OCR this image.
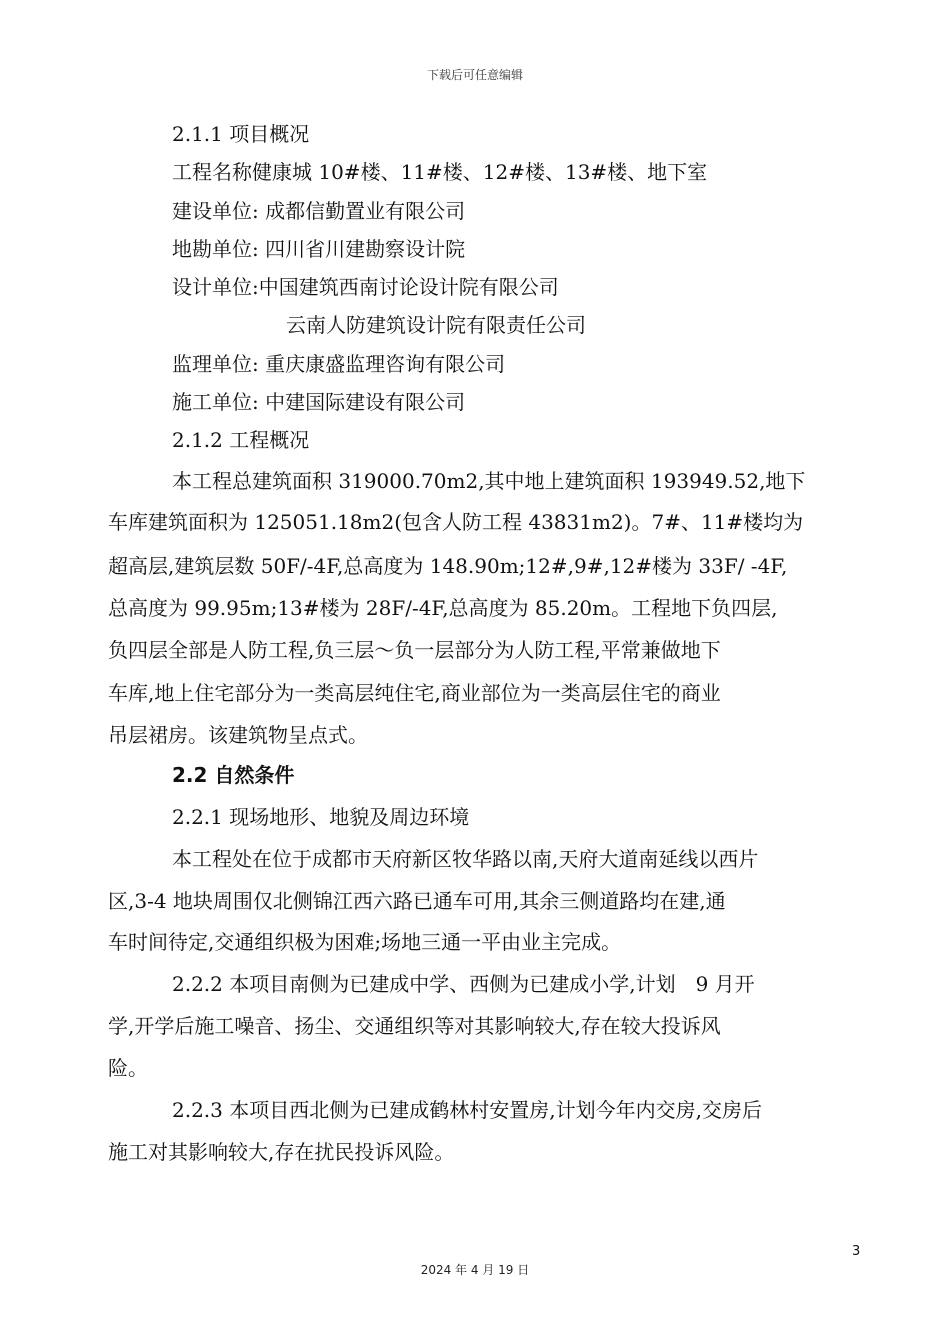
下载后可任意编辑
2.1.1 项目概况
工程名称健康城 10#楼、11#楼、12#楼、13#楼、地下室
建设单位: 成都信勤置业有限公司
地勘单位: 四川省川建勘察设计院
设计单位:中国建筑西南讨论设计院有限公司
云南人防建筑设计院有限责任公司
监理单位: 重庆康盛监理咨询有限公司
施工单位: 中建国际建设有限公司
2.1.2 工程概况
本工程总建筑面积 319000.70m2,其中地上建筑面积 193949.52,地下
车库建筑面积为 125051.18m2(包含人防工程 43831m2)。7#、11#楼均为
超高层,建筑层数 50F/-4F,总高度为 148.90m;12#,9#,12#楼为 33F/ -4F,
总高度为 99.95m;13#楼为 28F/-4F,总高度为 85.20m。工程地下负四层,
负四层全部是人防工程,负三层～负一层部分为人防工程,平常兼做地下
车库,地上住宅部分为一类高层纯住宅,商业部位为一类高层住宅的商业
吊层裙房。该建筑物呈点式。
2.2 自然条件
2.2.1 现场地形、地貌及周边环境
本工程处在位于成都市天府新区牧华路以南,天府大道南延线以西片
区,3-4 地块周围仅北侧锦江西六路已通车可用,其余三侧道路均在建,通
车时间待定,交通组织极为困难;场地三通一平由业主完成。
2.2.2 本项目南侧为已建成中学、西侧为已建成小学,计划　9 月开
学,开学后施工噪音、扬尘、交通组织等对其影响较大,存在较大投诉风
险。
2.2.3 本项目西北侧为已建成鹤林村安置房,计划今年内交房,交房后
施工对其影响较大,存在扰民投诉风险。
3
2024 年 4 月 19 日
